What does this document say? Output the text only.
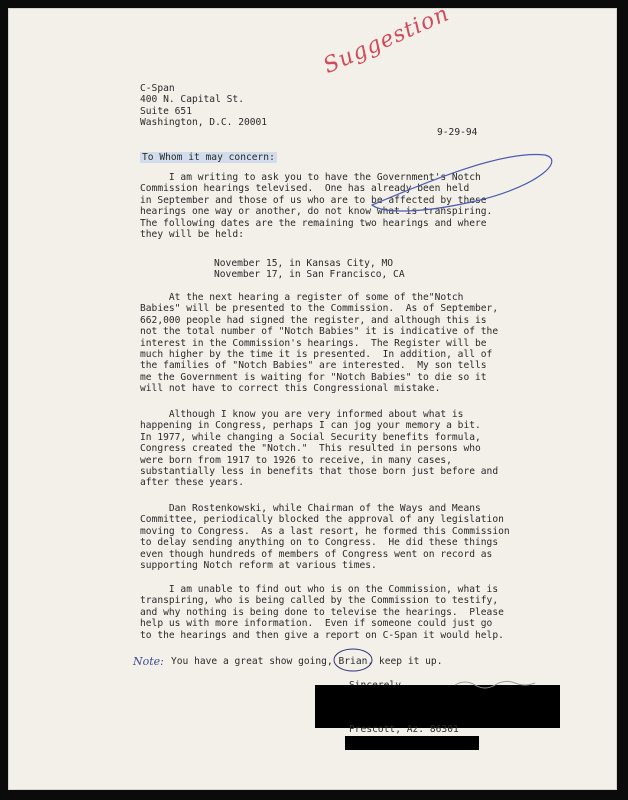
C-Span
400 N. Capital St.
Suite 651
Washington, D.C. 20001
Suggestion
9-29-94
To Whom it may concern:
I am writing to ask you to have the Government's Notch
Commission hearings televised.  One has already been held
in September and those of us who are to be affected by these
hearings one way or another, do not know what is transpiring.
The following dates are the remaining two hearings and where
they will be held:
November 15, in Kansas City, MO
November 17, in San Francisco, CA
At the next hearing a register of some of the"Notch
Babies" will be presented to the Commission.  As of September,
662,000 people had signed the register, and although this is
not the total number of "Notch Babies" it is indicative of the
interest in the Commission's hearings.  The Register will be
much higher by the time it is presented.  In addition, all of
the families of "Notch Babies" are interested.  My son tells
me the Government is waiting for "Notch Babies" to die so it
will not have to correct this Congressional mistake.
Although I know you are very informed about what is
happening in Congress, perhaps I can jog your memory a bit.
In 1977, while changing a Social Security benefits formula,
Congress created the "Notch."  This resulted in persons who
were born from 1917 to 1926 to receive, in many cases,
substantially less in benefits that those born just before and
after these years.
Dan Rostenkowski, while Chairman of the Ways and Means
Committee, periodically blocked the approval of any legislation
moving to Congress.  As a last resort, he formed this Commission
to delay sending anything on to Congress.  He did these things
even though hundreds of members of Congress went on record as
supporting Notch reform at various times.
I am unable to find out who is on the Commission, what is
transpiring, who is being called by the Commission to testify,
and why nothing is being done to televise the hearings.  Please
help us with more information.  Even if someone could just go
to the hearings and then give a report on C-Span it would help.
Note: You have a great show going, Brian, keep it up.
Prescott, Az. 86301
